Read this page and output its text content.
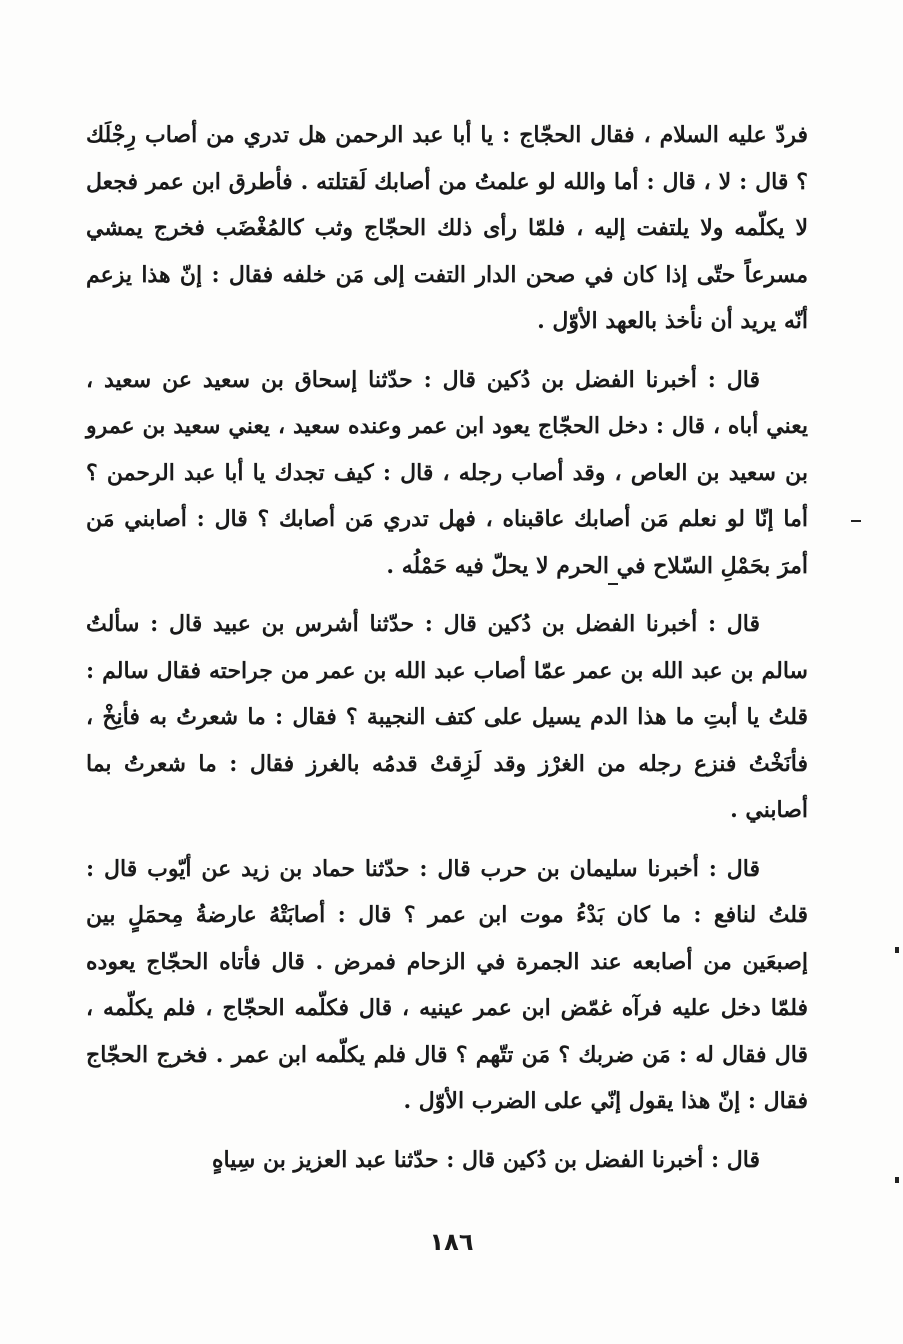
فردّ عليه السلام ، فقال الحجّاج : يا أبا عبد الرحمن هل تدري من أصاب رِجْلَك ؟ قال : لا ، قال : أما والله لو علمتُ من أصابك لَقتلته . فأطرق ابن عمر فجعل لا يكلّمه ولا يلتفت إليه ، فلمّا رأى ذلك الحجّاج وثب كالمُغْضَب فخرج يمشي مسرعاً حتّى إذا كان في صحن الدار التفت إلى مَن خلفه فقال : إنّ هذا يزعم أنّه يريد أن نأخذ بالعهد الأوّل .

قال : أخبرنا الفضل بن دُكين قال : حدّثنا إسحاق بن سعيد عن سعيد ، يعني أباه ، قال : دخل الحجّاج يعود ابن عمر وعنده سعيد ، يعني سعيد بن عمرو بن سعيد بن العاص ، وقد أصاب رجله ، قال : كيف تجدك يا أبا عبد الرحمن ؟ أما إنّا لو نعلم مَن أصابك عاقبناه ، فهل تدري مَن أصابك ؟ قال : أصابني مَن أمرَ بحَمْلِ السّلاح في الحرم لا يحلّ فيه حَمْلُه .

قال : أخبرنا الفضل بن دُكين قال : حدّثنا أشرس بن عبيد قال : سألتُ سالم بن عبد الله بن عمر عمّا أصاب عبد الله بن عمر من جراحته فقال سالم : قلتُ يا أبتِ ما هذا الدم يسيل على كتف النجيبة ؟ فقال : ما شعرتُ به فأنِخْ ، فأنَخْتُ فنزع رجله من الغرْز وقد لَزِقتْ قدمُه بالغرز فقال : ما شعرتُ بما أصابني .

قال : أخبرنا سليمان بن حرب قال : حدّثنا حماد بن زيد عن أيّوب قال : قلتُ لنافع : ما كان بَدْءُ موت ابن عمر ؟ قال : أصابَتْهُ عارضةُ مِحمَلٍ بين إصبعَين من أصابعه عند الجمرة في الزحام فمرض . قال فأتاه الحجّاج يعوده فلمّا دخل عليه فرآه غمّض ابن عمر عينيه ، قال فكلّمه الحجّاج ، فلم يكلّمه ، قال فقال له : مَن ضربك ؟ مَن تتّهم ؟ قال فلم يكلّمه ابن عمر . فخرج الحجّاج فقال : إنّ هذا يقول إنّي على الضرب الأوّل .

قال : أخبرنا الفضل بن دُكين قال : حدّثنا عبد العزيز بن سِياهٍ

١٨٦
